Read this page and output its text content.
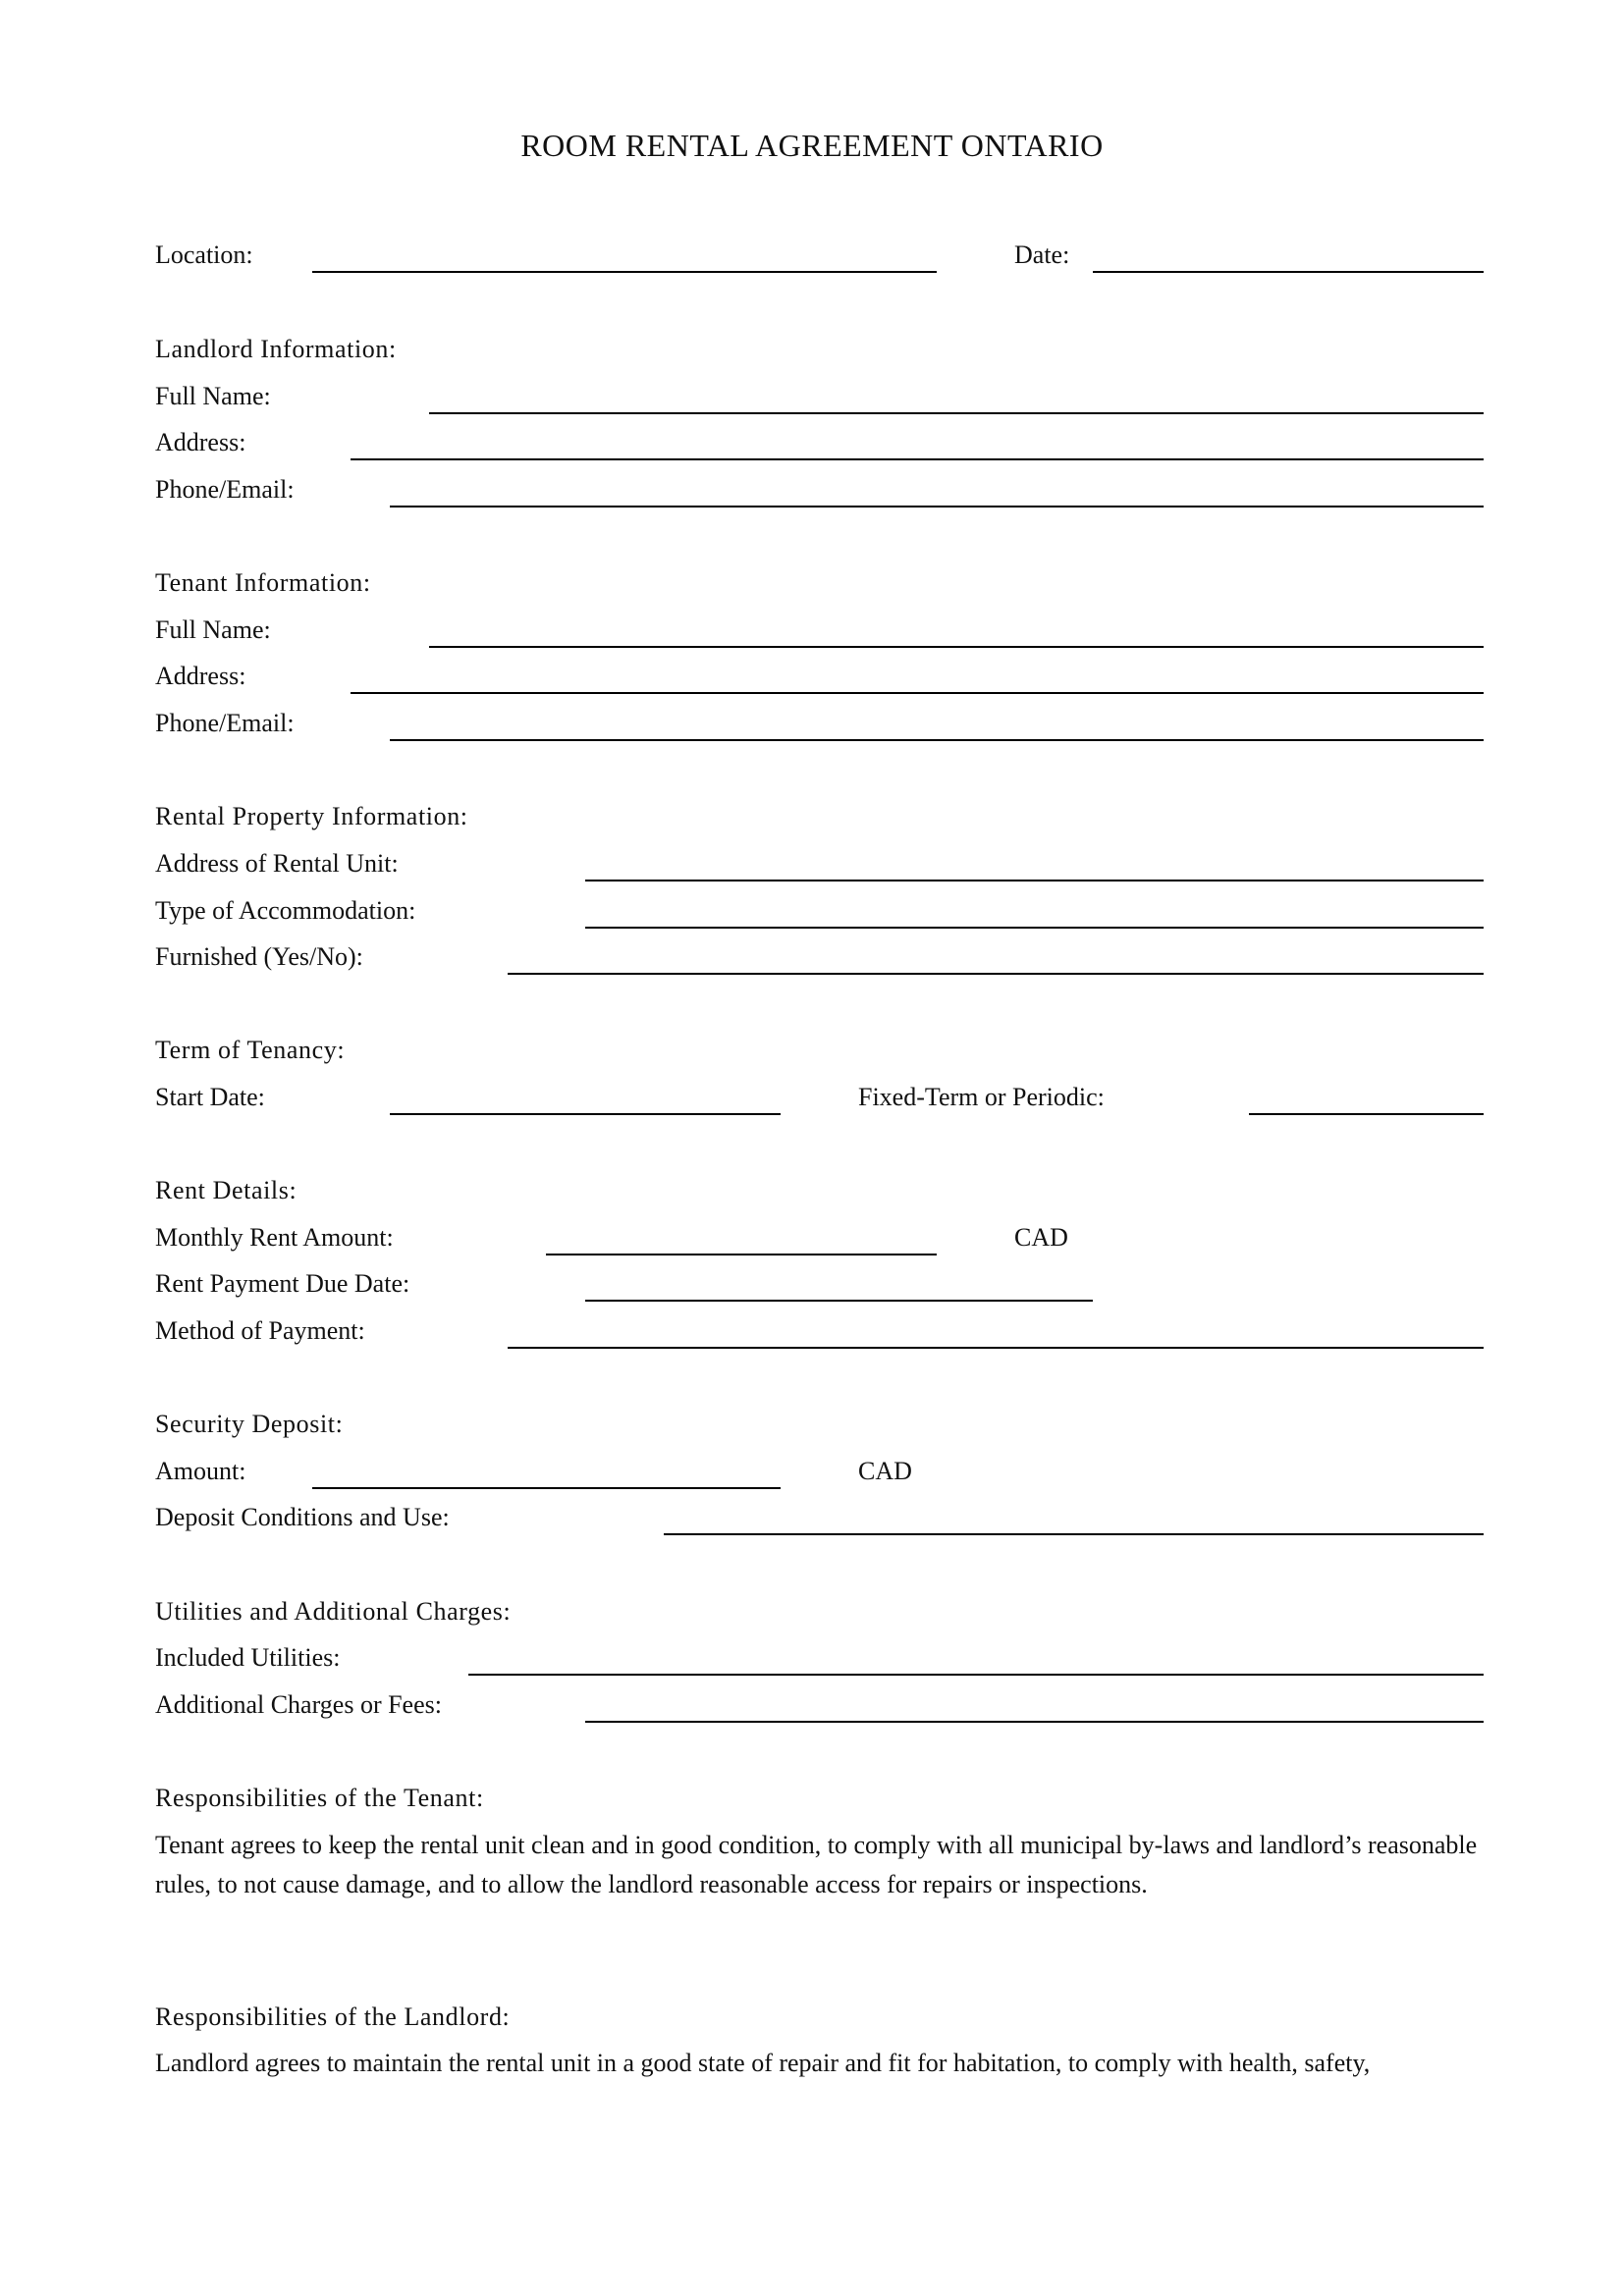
ROOM RENTAL AGREEMENT ONTARIO
Location:	Date:
Landlord Information:
Full Name:
Address:
Phone/Email:
Tenant Information:
Full Name:
Address:
Phone/Email:
Rental Property Information:
Address of Rental Unit:
Type of Accommodation:
Furnished (Yes/No):
Term of Tenancy:
Start Date:	Fixed-Term or Periodic:
Rent Details:
Monthly Rent Amount:	CAD
Rent Payment Due Date:
Method of Payment:
Security Deposit:
Amount:	CAD
Deposit Conditions and Use:
Utilities and Additional Charges:
Included Utilities:
Additional Charges or Fees:
Responsibilities of the Tenant:
Tenant agrees to keep the rental unit clean and in good condition, to comply with all municipal by-laws and landlord’s reasonable rules, to not cause damage, and to allow the landlord reasonable access for repairs or inspections.
Responsibilities of the Landlord:
Landlord agrees to maintain the rental unit in a good state of repair and fit for habitation, to comply with health, safety,
